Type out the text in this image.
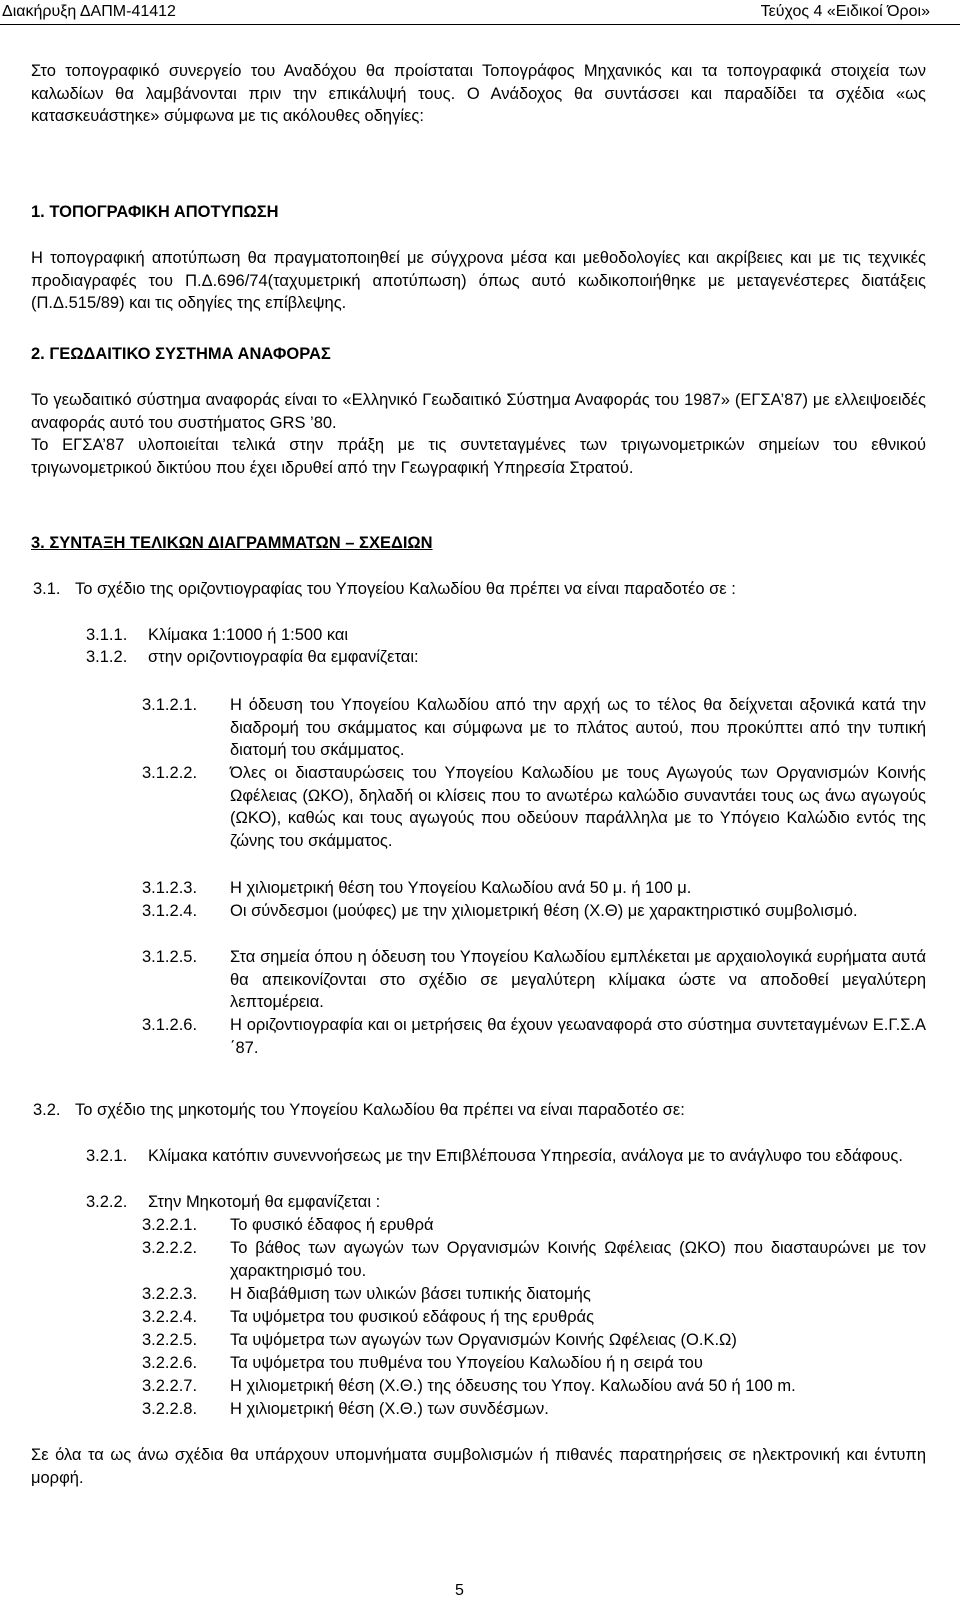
Διακήρυξη ΔΑΠΜ-41412	Τεύχος 4 «Ειδικοί Όροι»

Στο τοπογραφικό συνεργείο του Αναδόχου θα προίσταται Τοπογράφος Μηχανικός και τα τοπογραφικά στοιχεία των καλωδίων θα λαμβάνονται πριν την επικάλυψή τους. Ο Ανάδοχος θα συντάσσει και παραδίδει τα σχέδια «ως κατασκευάστηκε» σύμφωνα με τις ακόλουθες οδηγίες:

1. ΤΟΠΟΓΡΑΦΙΚΗ ΑΠΟΤΥΠΩΣΗ

Η τοπογραφική αποτύπωση θα πραγματοποιηθεί με σύγχρονα μέσα και μεθοδολογίες και ακρίβειες και με τις τεχνικές προδιαγραφές του Π.Δ.696/74(ταχυμετρική αποτύπωση) όπως αυτό κωδικοποιήθηκε με μεταγενέστερες διατάξεις (Π.Δ.515/89) και τις οδηγίες της επίβλεψης.

2. ΓΕΩΔΑΙΤΙΚΟ ΣΥΣΤΗΜΑ ΑΝΑΦΟΡΑΣ

Το γεωδαιτικό σύστημα αναφοράς είναι το «Ελληνικό Γεωδαιτικό Σύστημα Αναφοράς του 1987» (ΕΓΣΑ’87) με ελλειψοειδές αναφοράς αυτό του συστήματος GRS ’80.

Το ΕΓΣΑ’87 υλοποιείται τελικά στην πράξη με τις συντεταγμένες των τριγωνομετρικών σημείων του εθνικού τριγωνομετρικού δικτύου που έχει ιδρυθεί από την Γεωγραφική Υπηρεσία Στρατού.

3. ΣΥΝΤΑΞΗ ΤΕΛΙΚΩΝ ΔΙΑΓΡΑΜΜΑΤΩΝ – ΣΧΕΔΙΩΝ
3.1. Το σχέδιο της οριζοντιογραφίας του Υπογείου Καλωδίου θα πρέπει να είναι παραδοτέο σε :
3.1.1. Κλίμακα 1:1000 ή 1:500 και
3.1.2. στην οριζοντιογραφία θα εμφανίζεται:
3.1.2.1. Η όδευση του Υπογείου Καλωδίου από την αρχή ως το τέλος θα δείχνεται αξονικά κατά την διαδρομή του σκάμματος και σύμφωνα με το πλάτος αυτού, που προκύπτει από την τυπική διατομή του σκάμματος.
3.1.2.2. Όλες οι διασταυρώσεις του Υπογείου Καλωδίου με τους Αγωγούς των Οργανισμών Κοινής Ωφέλειας (ΩΚΟ), δηλαδή οι κλίσεις που το ανωτέρω καλώδιο συναντάει τους ως άνω αγωγούς (ΩΚΟ), καθώς και τους αγωγούς που οδεύουν παράλληλα με το Υπόγειο Καλώδιο εντός της ζώνης του σκάμματος.
3.1.2.3. Η χιλιομετρική θέση του Υπογείου Καλωδίου ανά 50 μ. ή 100 μ.
3.1.2.4. Οι σύνδεσμοι (μούφες) με την χιλιομετρική θέση (Χ.Θ) με χαρακτηριστικό συμβολισμό.
3.1.2.5. Στα σημεία όπου η όδευση του Υπογείου Καλωδίου εμπλέκεται με αρχαιολογικά ευρήματα αυτά θα απεικονίζονται στο σχέδιο σε μεγαλύτερη κλίμακα ώστε να αποδοθεί μεγαλύτερη λεπτομέρεια.
3.1.2.6. Η οριζοντιογραφία και οι μετρήσεις θα έχουν γεωαναφορά στο σύστημα συντεταγμένων Ε.Γ.Σ.Α ΄87.
3.2. Το σχέδιο της μηκοτομής του Υπογείου Καλωδίου θα πρέπει να είναι παραδοτέο σε:
3.2.1. Κλίμακα κατόπιν συνεννοήσεως με την Επιβλέπουσα Υπηρεσία, ανάλογα με το ανάγλυφο του εδάφους.
3.2.2. Στην Μηκοτομή θα εμφανίζεται :
3.2.2.1. Το φυσικό έδαφος ή ερυθρά
3.2.2.2. Το βάθος των αγωγών των Οργανισμών Κοινής Ωφέλειας (ΩΚΟ) που διασταυρώνει με τον χαρακτηρισμό του.
3.2.2.3. Η διαβάθμιση των υλικών βάσει τυπικής διατομής
3.2.2.4. Τα υψόμετρα του φυσικού εδάφους ή της ερυθράς
3.2.2.5. Τα υψόμετρα των αγωγών των Οργανισμών Κοινής Ωφέλειας (Ο.Κ.Ω)
3.2.2.6. Τα υψόμετρα του πυθμένα του Υπογείου Καλωδίου ή η σειρά του
3.2.2.7. Η χιλιομετρική θέση (Χ.Θ.) της όδευσης του Υπογ. Καλωδίου ανά 50 ή 100 m.
3.2.2.8. Η χιλιομετρική θέση (Χ.Θ.) των συνδέσμων.

Σε όλα τα ως άνω σχέδια θα υπάρχουν υπομνήματα συμβολισμών ή πιθανές παρατηρήσεις σε ηλεκτρονική και έντυπη μορφή.

5
